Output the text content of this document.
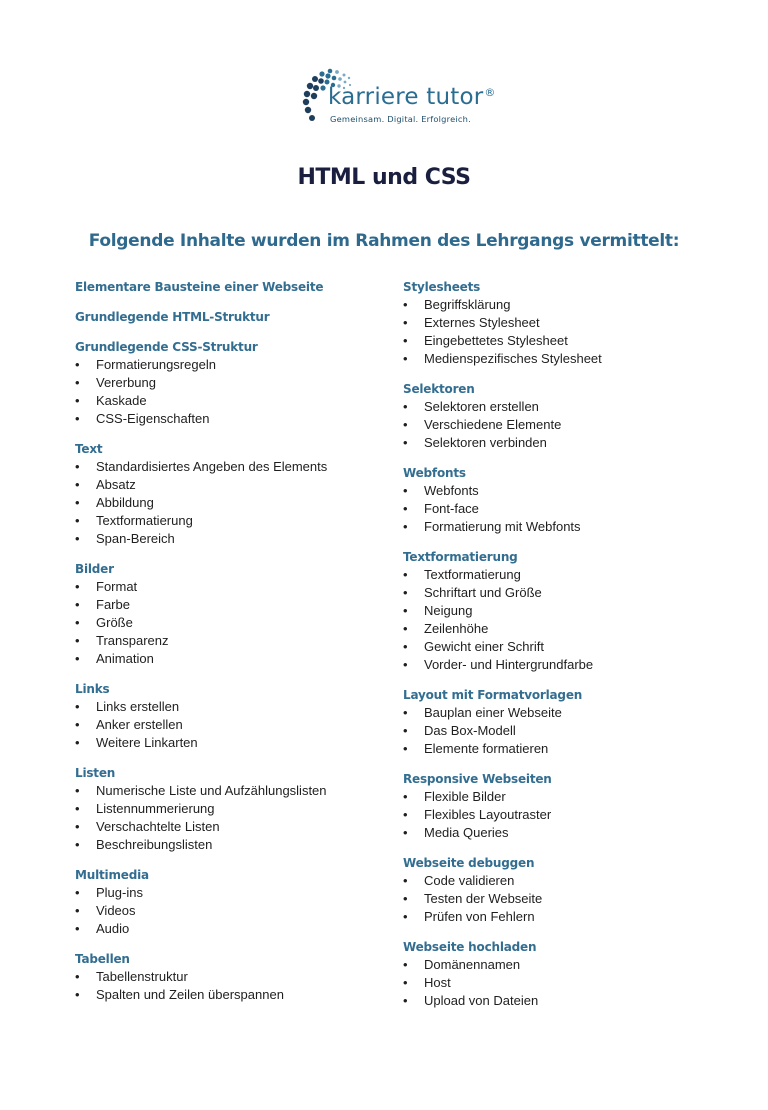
karriere tutor®
Gemeinsam. Digital. Erfolgreich.
HTML und CSS
Folgende Inhalte wurden im Rahmen des Lehrgangs vermittelt:
Elementare Bausteine einer Webseite
Grundlegende HTML-Struktur
Grundlegende CSS-Struktur
• Formatierungsregeln
• Vererbung
• Kaskade
• CSS-Eigenschaften
Text
• Standardisiertes Angeben des Elements
• Absatz
• Abbildung
• Textformatierung
• Span-Bereich
Bilder
• Format
• Farbe
• Größe
• Transparenz
• Animation
Links
• Links erstellen
• Anker erstellen
• Weitere Linkarten
Listen
• Numerische Liste und Aufzählungslisten
• Listennummerierung
• Verschachtelte Listen
• Beschreibungslisten
Multimedia
• Plug-ins
• Videos
• Audio
Tabellen
• Tabellenstruktur
• Spalten und Zeilen überspannen
Stylesheets
• Begriffsklärung
• Externes Stylesheet
• Eingebettetes Stylesheet
• Medienspezifisches Stylesheet
Selektoren
• Selektoren erstellen
• Verschiedene Elemente
• Selektoren verbinden
Webfonts
• Webfonts
• Font-face
• Formatierung mit Webfonts
Textformatierung
• Textformatierung
• Schriftart und Größe
• Neigung
• Zeilenhöhe
• Gewicht einer Schrift
• Vorder- und Hintergrundfarbe
Layout mit Formatvorlagen
• Bauplan einer Webseite
• Das Box-Modell
• Elemente formatieren
Responsive Webseiten
• Flexible Bilder
• Flexibles Layoutraster
• Media Queries
Webseite debuggen
• Code validieren
• Testen der Webseite
• Prüfen von Fehlern
Webseite hochladen
• Domänennamen
• Host
• Upload von Dateien
